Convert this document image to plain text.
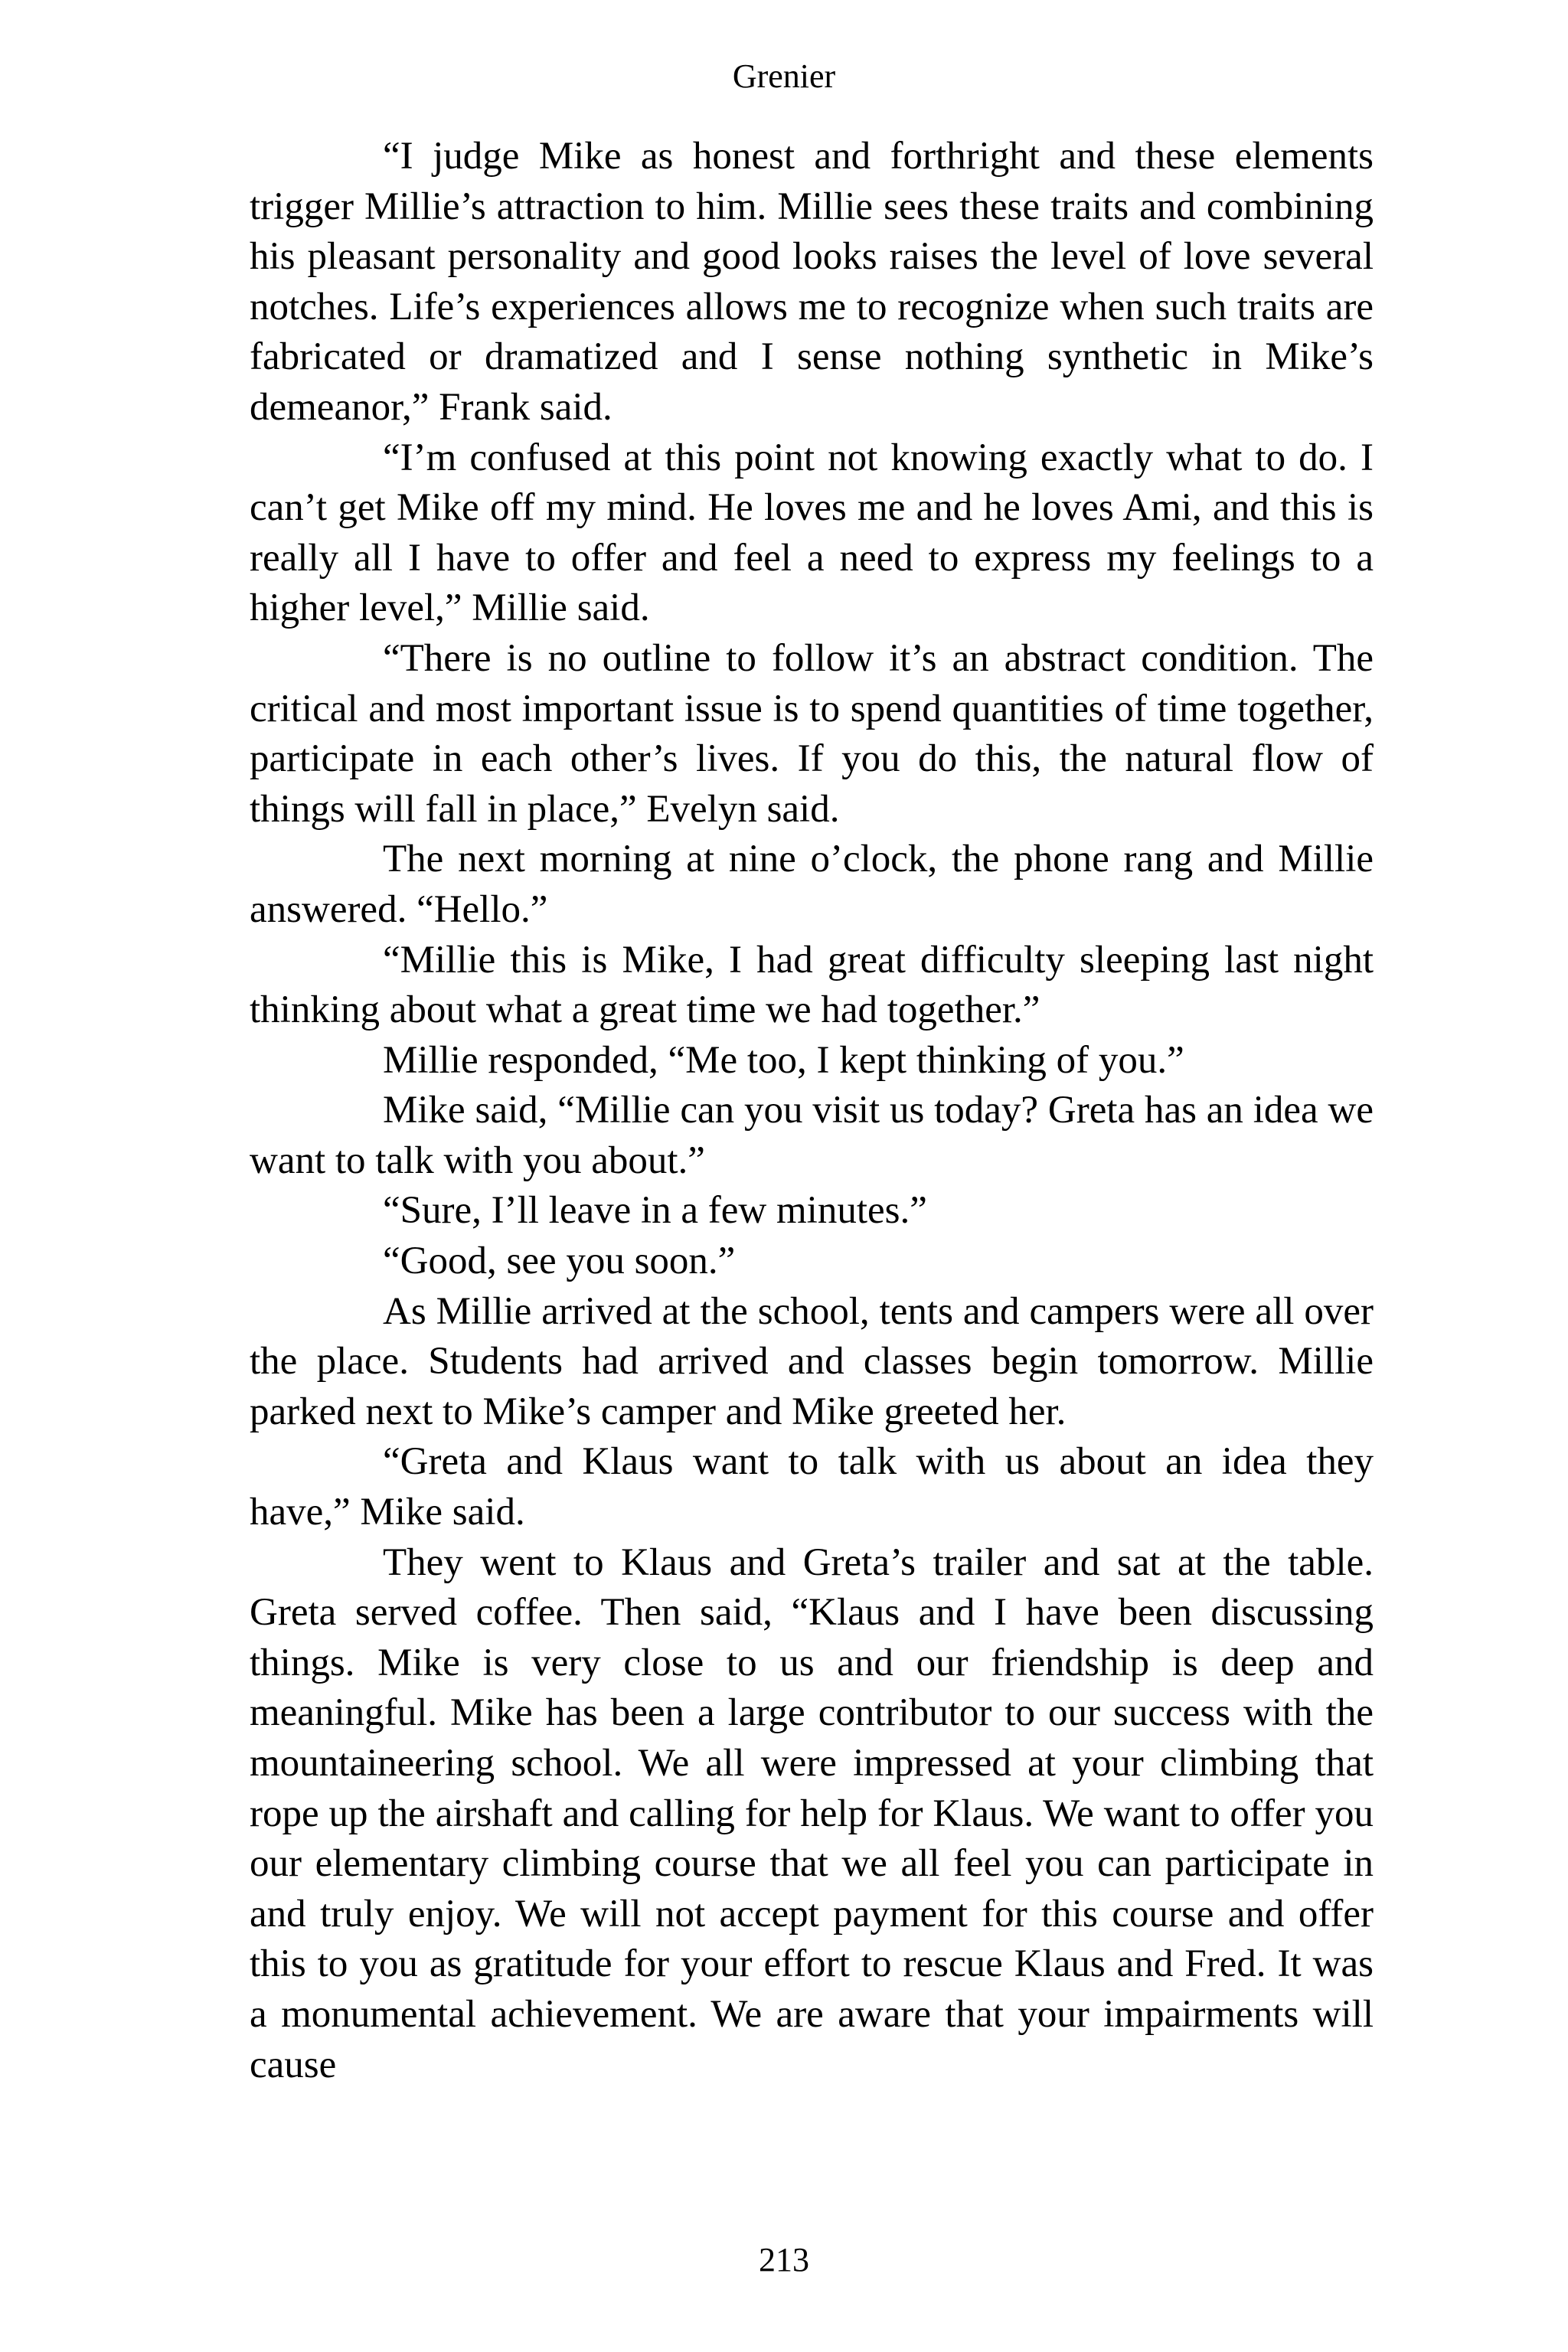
Grenier

“I judge Mike as honest and forthright and these elements trigger Millie’s attraction to him. Millie sees these traits and combining his pleasant personality and good looks raises the level of love several notches. Life’s experiences allows me to recognize when such traits are fabricated or dramatized and I sense nothing synthetic in Mike’s demeanor,” Frank said.

“I’m confused at this point not knowing exactly what to do. I can’t get Mike off my mind. He loves me and he loves Ami, and this is really all I have to offer and feel a need to express my feelings to a higher level,” Millie said.

“There is no outline to follow it’s an abstract condition. The critical and most important issue is to spend quantities of time together, participate in each other’s lives. If you do this, the natural flow of things will fall in place,” Evelyn said.

The next morning at nine o’clock, the phone rang and Millie answered. “Hello.”

“Millie this is Mike, I had great difficulty sleeping last night thinking about what a great time we had together.”

Millie responded, “Me too, I kept thinking of you.”

Mike said, “Millie can you visit us today? Greta has an idea we want to talk with you about.”

“Sure, I’ll leave in a few minutes.”

“Good, see you soon.”

As Millie arrived at the school, tents and campers were all over the place. Students had arrived and classes begin tomorrow. Millie parked next to Mike’s camper and Mike greeted her.

“Greta and Klaus want to talk with us about an idea they have,” Mike said.

They went to Klaus and Greta’s trailer and sat at the table. Greta served coffee. Then said, “Klaus and I have been discussing things. Mike is very close to us and our friendship is deep and meaningful. Mike has been a large contributor to our success with the mountaineering school. We all were impressed at your climbing that rope up the airshaft and calling for help for Klaus. We want to offer you our elementary climbing course that we all feel you can participate in and truly enjoy. We will not accept payment for this course and offer this to you as gratitude for your effort to rescue Klaus and Fred. It was a monumental achievement. We are aware that your impairments will cause

213
